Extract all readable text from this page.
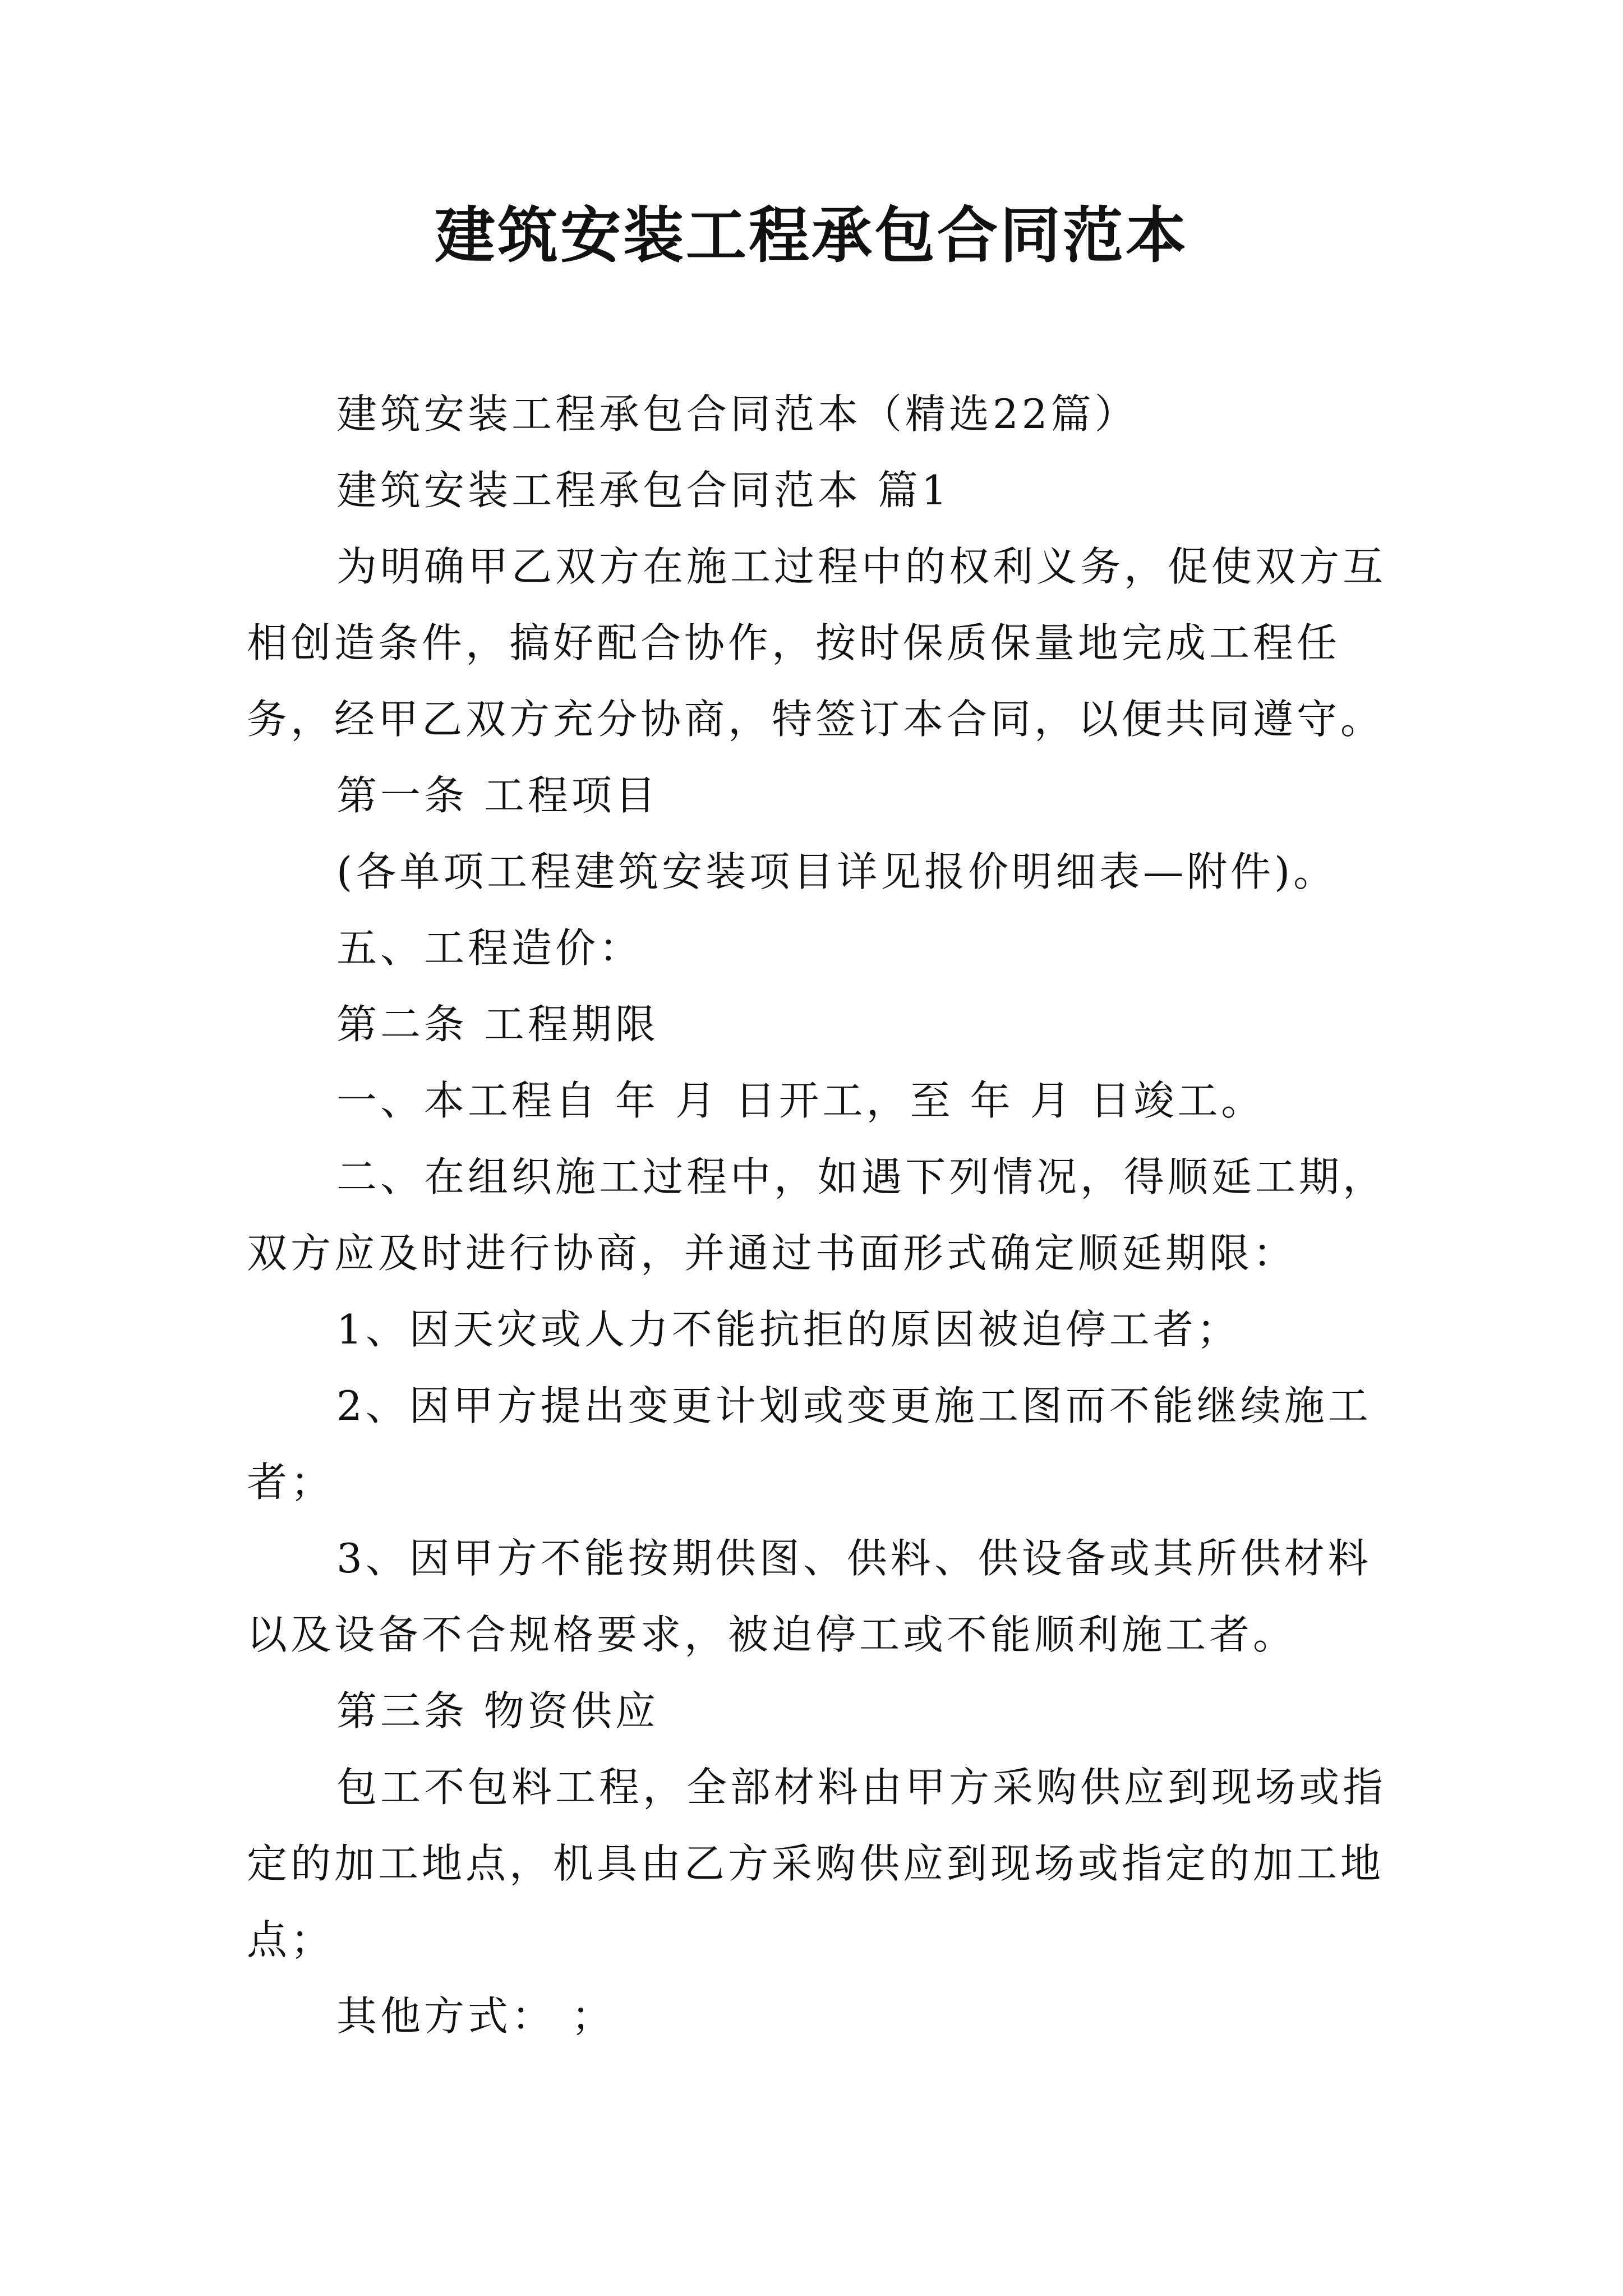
建筑安装工程承包合同范本

建筑安装工程承包合同范本（精选22篇）

建筑安装工程承包合同范本 篇1

为明确甲乙双方在施工过程中的权利义务，促使双方互相创造条件，搞好配合协作，按时保质保量地完成工程任务，经甲乙双方充分协商，特签订本合同，以便共同遵守。

第一条 工程项目

(各单项工程建筑安装项目详见报价明细表—附件)。

五、工程造价：

第二条 工程期限

一、本工程自 年 月 日开工，至 年 月 日竣工。

二、在组织施工过程中，如遇下列情况，得顺延工期，双方应及时进行协商，并通过书面形式确定顺延期限：

1、因天灾或人力不能抗拒的原因被迫停工者；

2、因甲方提出变更计划或变更施工图而不能继续施工者；

3、因甲方不能按期供图、供料、供设备或其所供材料以及设备不合规格要求，被迫停工或不能顺利施工者。

第三条 物资供应

包工不包料工程，全部材料由甲方采购供应到现场或指定的加工地点，机具由乙方采购供应到现场或指定的加工地点；

其他方式： ；
